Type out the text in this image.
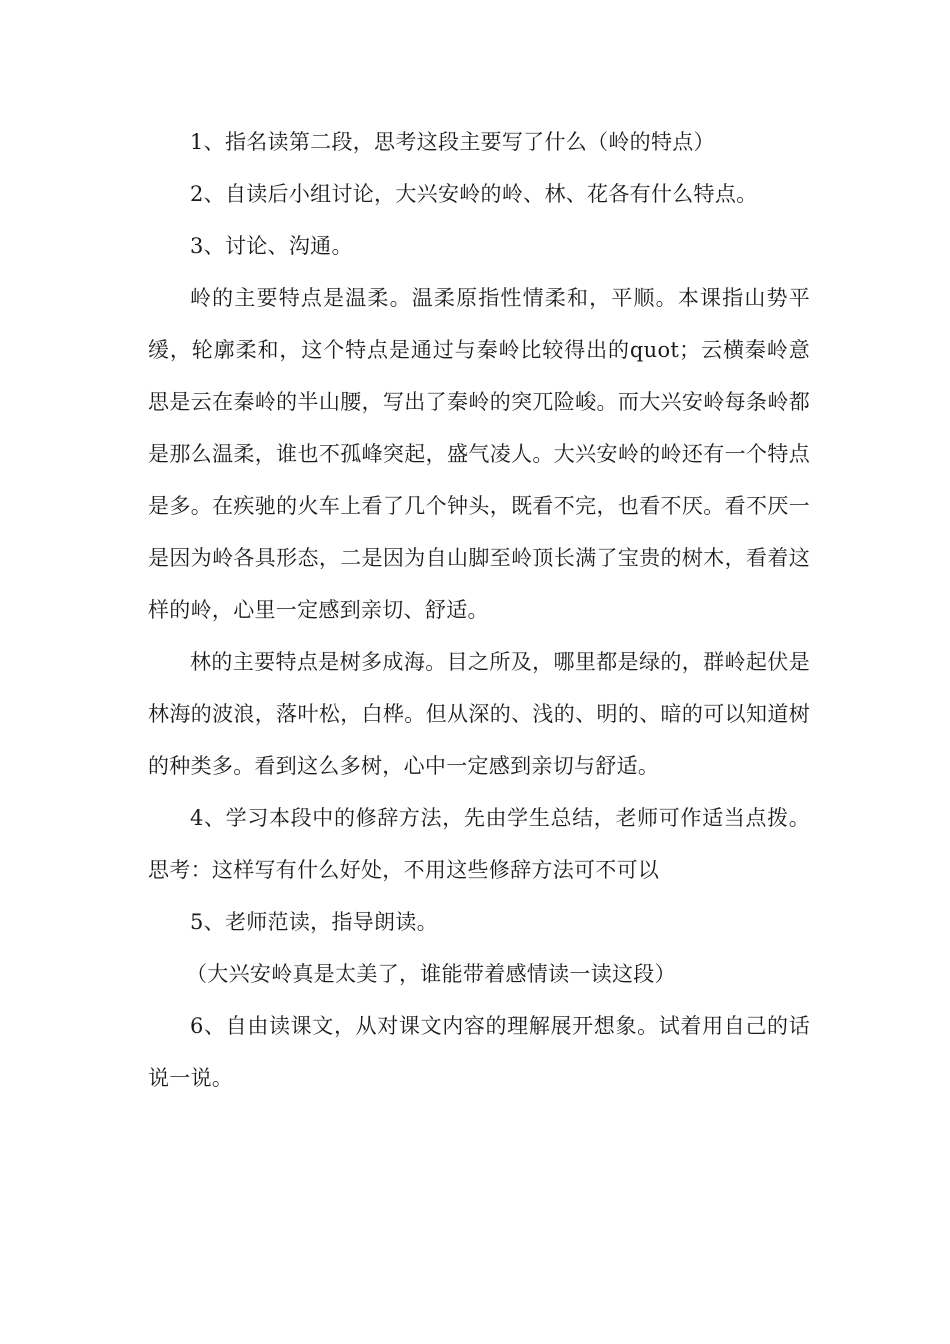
1、指名读第二段，思考这段主要写了什么（岭的特点）

2、自读后小组讨论，大兴安岭的岭、林、花各有什么特点。

3、讨论、沟通。

岭的主要特点是温柔。温柔原指性情柔和，平顺。本课指山势平缓，轮廓柔和，这个特点是通过与秦岭比较得出的quot；云横秦岭意思是云在秦岭的半山腰，写出了秦岭的突兀险峻。而大兴安岭每条岭都是那么温柔，谁也不孤峰突起，盛气凌人。大兴安岭的岭还有一个特点是多。在疾驰的火车上看了几个钟头，既看不完，也看不厌。看不厌一是因为岭各具形态，二是因为自山脚至岭顶长满了宝贵的树木，看着这样的岭，心里一定感到亲切、舒适。

林的主要特点是树多成海。目之所及，哪里都是绿的，群岭起伏是林海的波浪，落叶松，白桦。但从深的、浅的、明的、暗的可以知道树的种类多。看到这么多树，心中一定感到亲切与舒适。

4、学习本段中的修辞方法，先由学生总结，老师可作适当点拨。思考：这样写有什么好处，不用这些修辞方法可不可以

5、老师范读，指导朗读。

（大兴安岭真是太美了，谁能带着感情读一读这段）

6、自由读课文，从对课文内容的理解展开想象。试着用自己的话说一说。
